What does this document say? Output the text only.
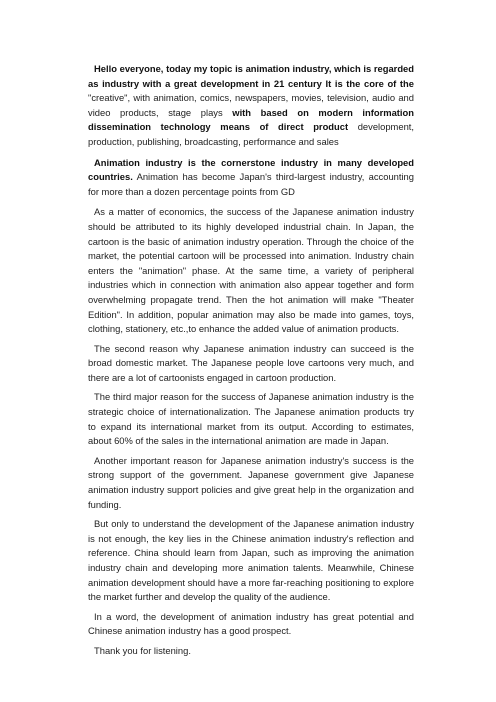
Hello everyone, today my topic is animation industry, which is regarded as industry with a great development in 21 century It is the core of the "creative", with animation, comics, newspapers, movies, television, audio and video products, stage plays with based on modern information dissemination technology means of direct product development, production, publishing, broadcasting, performance and sales

Animation industry is the cornerstone industry in many developed countries. Animation has become Japan's third-largest industry, accounting for more than a dozen percentage points from GD

As a matter of economics, the success of the Japanese animation industry should be attributed to its highly developed industrial chain. In Japan, the cartoon is the basic of animation industry operation. Through the choice of the market, the potential cartoon will be processed into animation. Industry chain enters the "animation" phase. At the same time, a variety of peripheral industries which in connection with animation also appear together and form overwhelming propagate trend. Then the hot animation will make "Theater Edition". In addition, popular animation may also be made into games, toys, clothing, stationery, etc.,to enhance the added value of animation products.

The second reason why Japanese animation industry can succeed is the broad domestic market. The Japanese people love cartoons very much, and there are a lot of cartoonists engaged in cartoon production.

The third major reason for the success of Japanese animation industry is the strategic choice of internationalization. The Japanese animation products try to expand its international market from its output. According to estimates, about 60% of the sales in the international animation are made in Japan.

Another important reason for Japanese animation industry's success is the strong support of the government. Japanese government give Japanese animation industry support policies and give great help in the organization and funding.

But only to understand the development of the Japanese animation industry is not enough, the key lies in the Chinese animation industry's reflection and reference. China should learn from Japan, such as improving the animation industry chain and developing more animation talents. Meanwhile, Chinese animation development should have a more far-reaching positioning to explore the market further and develop the quality of the audience.

In a word, the development of animation industry has great potential and Chinese animation industry has a good prospect.

Thank you for listening.
